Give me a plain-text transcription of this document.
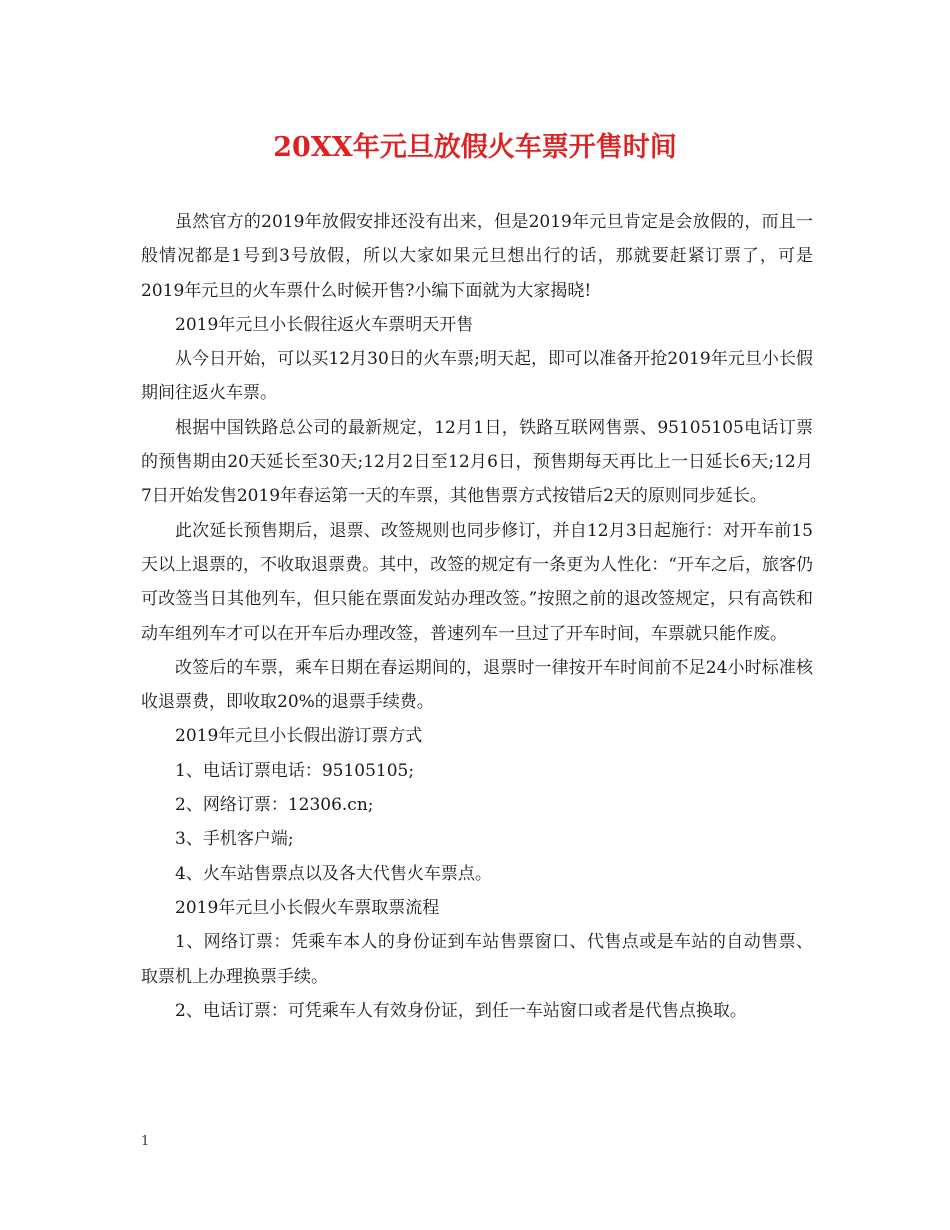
20XX年元旦放假火车票开售时间

虽然官方的2019年放假安排还没有出来，但是2019年元旦肯定是会放假的，而且一般情况都是1号到3号放假，所以大家如果元旦想出行的话，那就要赶紧订票了，可是2019年元旦的火车票什么时候开售?小编下面就为大家揭晓!

2019年元旦小长假往返火车票明天开售

从今日开始，可以买12月30日的火车票;明天起，即可以准备开抢2019年元旦小长假期间往返火车票。

根据中国铁路总公司的最新规定，12月1日，铁路互联网售票、95105105电话订票的预售期由20天延长至30天;12月2日至12月6日，预售期每天再比上一日延长6天;12月7日开始发售2019年春运第一天的车票，其他售票方式按错后2天的原则同步延长。

此次延长预售期后，退票、改签规则也同步修订，并自12月3日起施行：对开车前15天以上退票的，不收取退票费。其中，改签的规定有一条更为人性化：“开车之后，旅客仍可改签当日其他列车，但只能在票面发站办理改签。”按照之前的退改签规定，只有高铁和动车组列车才可以在开车后办理改签，普速列车一旦过了开车时间，车票就只能作废。

改签后的车票，乘车日期在春运期间的，退票时一律按开车时间前不足24小时标准核收退票费，即收取20%的退票手续费。

2019年元旦小长假出游订票方式

1、电话订票电话：95105105;

2、网络订票：12306.cn;

3、手机客户端;

4、火车站售票点以及各大代售火车票点。

2019年元旦小长假火车票取票流程

1、网络订票：凭乘车本人的身份证到车站售票窗口、代售点或是车站的自动售票、取票机上办理换票手续。

2、电话订票：可凭乘车人有效身份证，到任一车站窗口或者是代售点换取。

1
